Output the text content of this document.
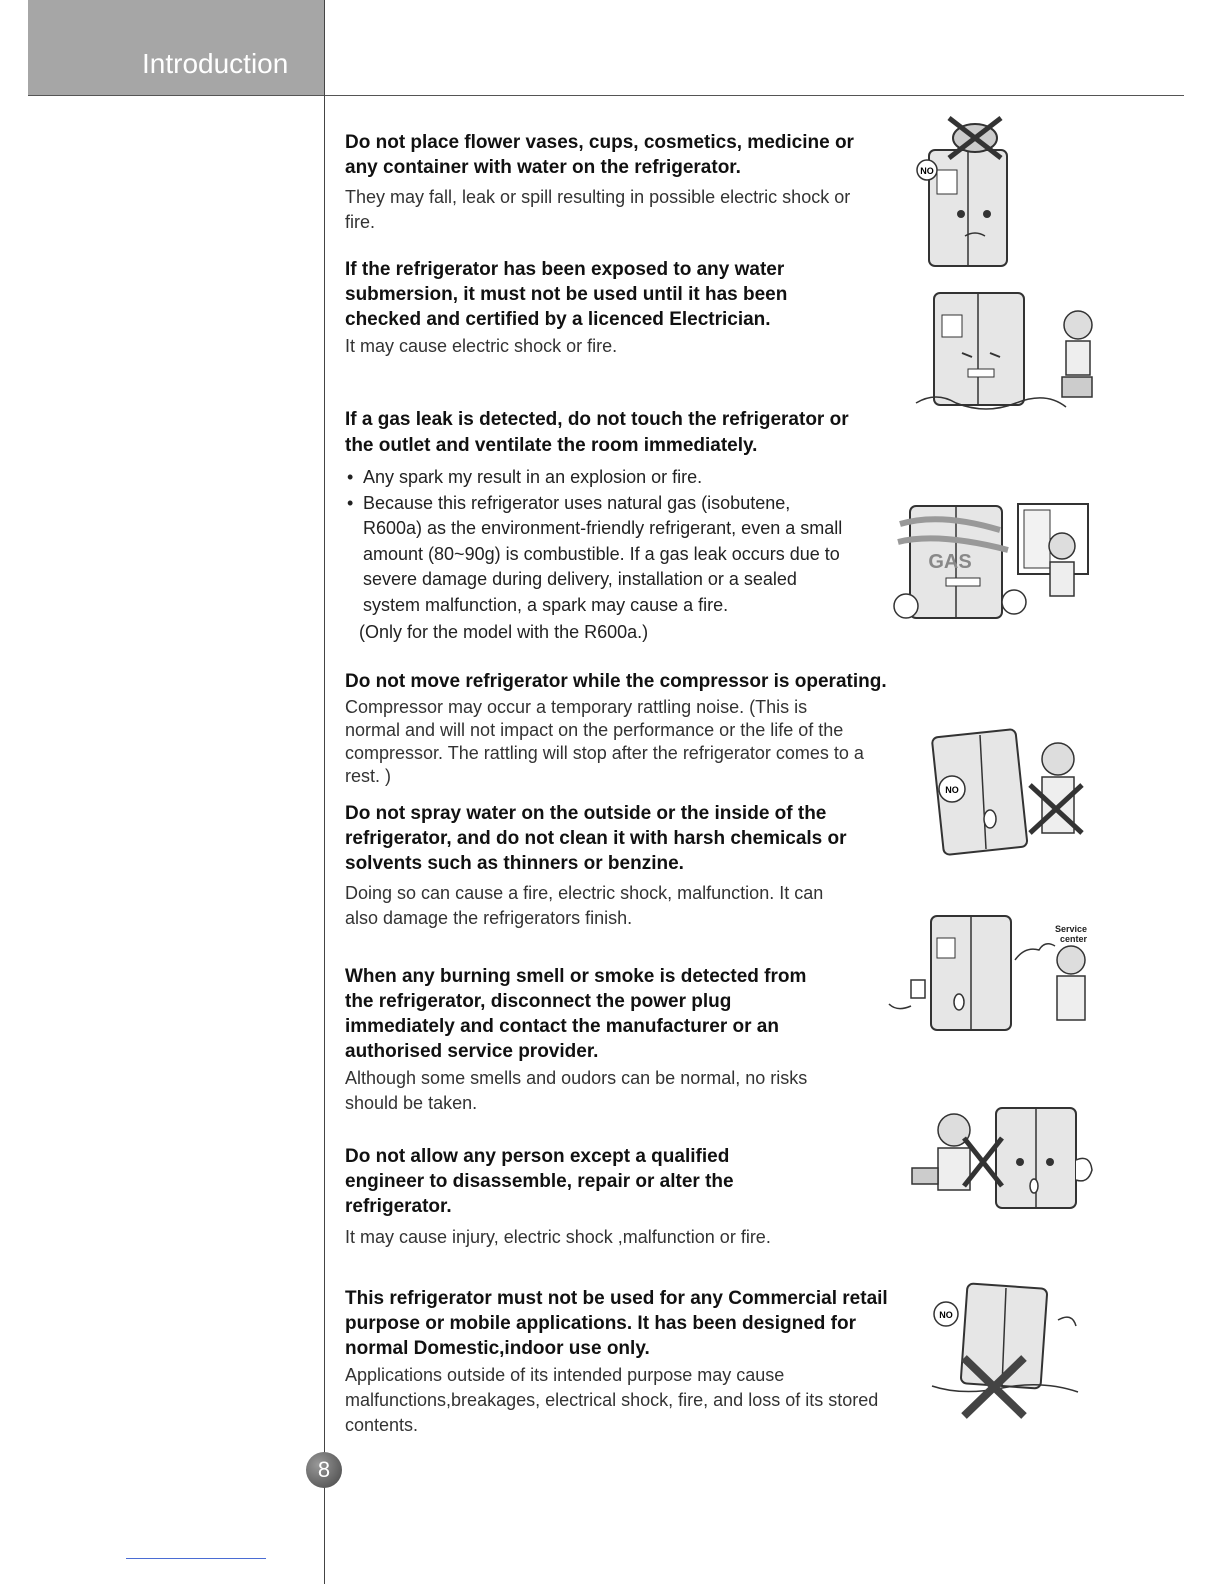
Introduction
Do not place flower vases, cups, cosmetics, medicine or any container with water on the refrigerator.

They may fall, leak or spill resulting in possible electric shock or fire.

If the refrigerator has been exposed to any water submersion, it must not be used until it has been checked and certified by a licenced Electrician.

It may cause electric shock or fire.

If a gas leak is detected, do not touch the refrigerator or the outlet and ventilate the room immediately.
• Any spark my result in an explosion or fire.
• Because this refrigerator uses natural gas (isobutene, R600a) as the environment-friendly refrigerant, even a small amount (80~90g) is combustible. If a gas leak occurs due to severe damage during delivery, installation or a sealed system malfunction, a spark may cause a fire.
(Only for the model with the R600a.)
Do not move refrigerator while the compressor is operating.

Compressor may occur a temporary rattling noise. (This is normal and will not impact on the performance or the life of the compressor. The rattling will stop after the refrigerator comes to a rest. )

Do not spray water on the outside or the inside of the refrigerator, and do not clean it with harsh chemicals or solvents such as thinners or benzine.

Doing so can cause a fire, electric shock, malfunction. It can also damage the refrigerators finish.

When any burning smell or smoke is detected from the refrigerator, disconnect the power plug immediately and contact the manufacturer or an authorised service provider.

Although some smells and oudors can be normal, no risks should be taken.

Do not allow any person except a qualified engineer to disassemble, repair or alter the refrigerator.

It may cause injury, electric shock ,malfunction or fire.

This refrigerator must not be used for any Commercial retail purpose or mobile applications. It has been designed for normal Domestic,indoor use only.

Applications outside of its intended purpose may cause malfunctions,breakages, electrical shock, fire, and loss of its stored contents.

NO
GAS
NO
Service center
NO
8
